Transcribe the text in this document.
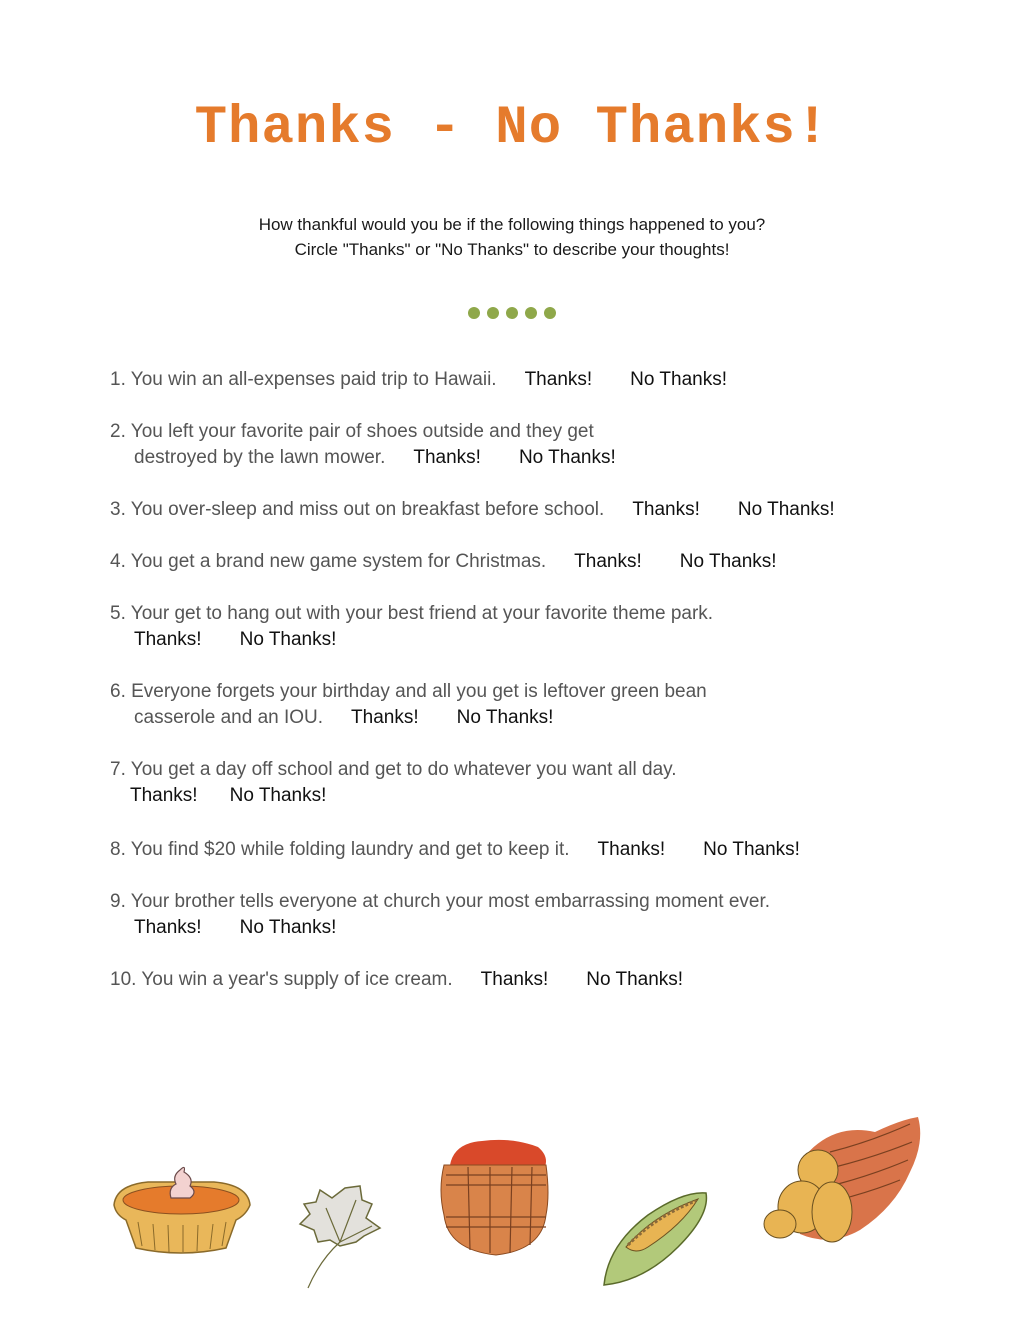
Thanks - No Thanks!
How thankful would you be if the following things happened to you?
Circle "Thanks" or "No Thanks" to describe your thoughts!
1. You win an all-expenses paid trip to Hawaii. Thanks! No Thanks!
2. You left your favorite pair of shoes outside and they get
destroyed by the lawn mower. Thanks! No Thanks!
3. You over-sleep and miss out on breakfast before school. Thanks! No Thanks!
4. You get a brand new game system for Christmas. Thanks! No Thanks!
5. Your get to hang out with your best friend at your favorite theme park.
Thanks! No Thanks!
6. Everyone forgets your birthday and all you get is leftover green bean
casserole and an IOU. Thanks! No Thanks!
7. You get a day off school and get to do whatever you want all day.
Thanks! No Thanks!
8. You find $20 while folding laundry and get to keep it. Thanks! No Thanks!
9. Your brother tells everyone at church your most embarrassing moment ever.
Thanks! No Thanks!
10. You win a year's supply of ice cream. Thanks! No Thanks!
